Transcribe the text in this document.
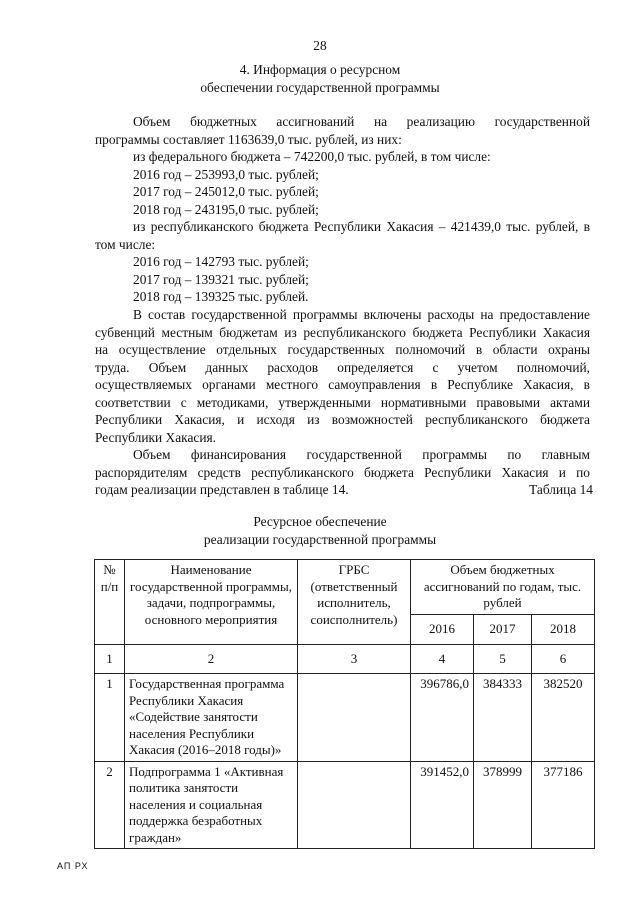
28
4. Информация о ресурсном
обеспечении государственной программы
Объем бюджетных ассигнований на реализацию государственной
программы составляет 1163639,0 тыс. рублей, из них:
из федерального бюджета – 742200,0 тыс. рублей, в том числе:
2016 год – 253993,0 тыс. рублей;
2017 год – 245012,0 тыс. рублей;
2018 год – 243195,0 тыс. рублей;
из республиканского бюджета Республики Хакасия – 421439,0 тыс. рублей, в
том числе:
2016 год – 142793 тыс. рублей;
2017 год – 139321 тыс. рублей;
2018 год – 139325 тыс. рублей.
В состав государственной программы включены расходы на предоставление
субвенций местным бюджетам из республиканского бюджета Республики Хакасия
на осуществление отдельных государственных полномочий в области охраны
труда. Объем данных расходов определяется с учетом полномочий,
осуществляемых органами местного самоуправления в Республике Хакасия, в
соответствии с методиками, утвержденными нормативными правовыми актами
Республики Хакасия, и исходя из возможностей республиканского бюджета
Республики Хакасия.
Объем финансирования государственной программы по главным
распорядителям средств республиканского бюджета Республики Хакасия и по
годам реализации представлен в таблице 14.	Таблица 14
Ресурсное обеспечение
реализации государственной программы
№ п/п	Наименование государственной программы, задачи, подпрограммы, основного мероприятия	ГРБС (ответственный исполнитель, соисполнитель)	Объем бюджетных ассигнований по годам, тыс. рублей		
			2016	2017	2018
1	2	3	4	5	6
1	Государственная программа Республики Хакасия «Содействие занятости населения Республики Хакасия (2016–2018 годы)»		396786,0	384333	382520
2	Подпрограмма 1 «Активная политика занятости населения и социальная поддержка безработных граждан»		391452,0	378999	377186
АП РХ
